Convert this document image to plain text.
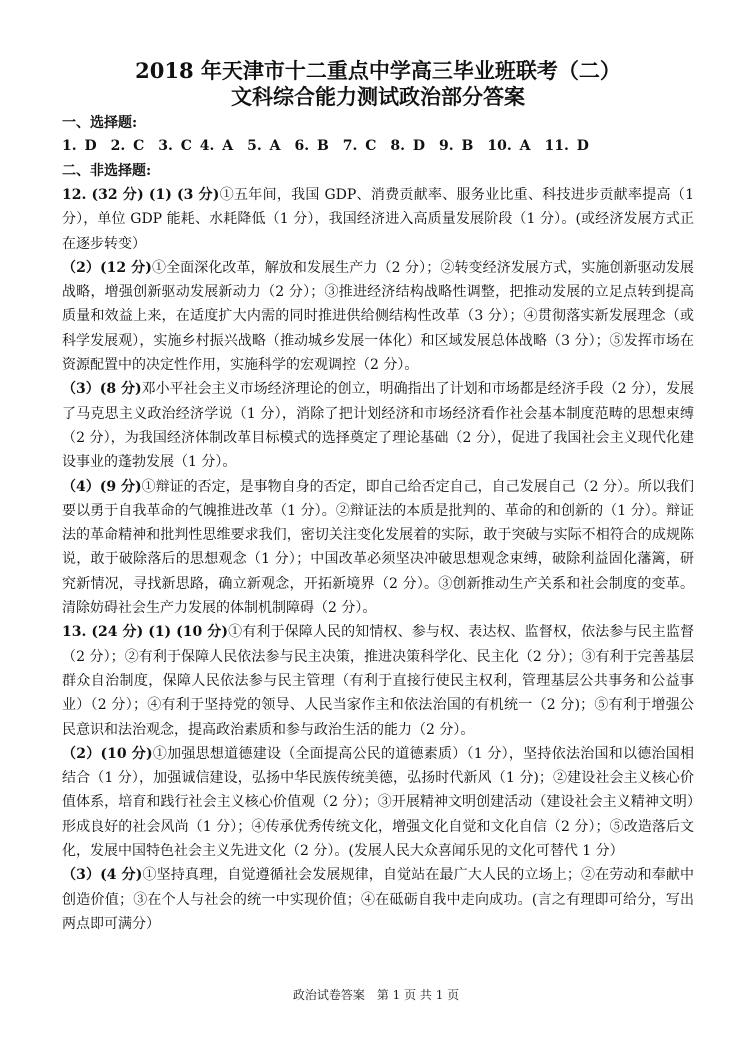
2018 年天津市十二重点中学高三毕业班联考（二）
文科综合能力测试政治部分答案
一、选择题:
1. D　2. C　3. C 4. A　5. A　6. B　7. C　8. D　9. B　10. A　11. D
二、非选择题:

12. (32 分) (1) (3 分)①五年间，我国 GDP、消费贡献率、服务业比重、科技进步贡献率提高（1 分），单位 GDP 能耗、水耗降低（1 分），我国经济进入高质量发展阶段（1 分）。(或经济发展方式正在逐步转变）

（2）(12 分)①全面深化改革，解放和发展生产力（2 分）；②转变经济发展方式，实施创新驱动发展战略，增强创新驱动发展新动力（2 分）；③推进经济结构战略性调整，把推动发展的立足点转到提高质量和效益上来，在适度扩大内需的同时推进供给侧结构性改革（3 分）；④贯彻落实新发展理念（或科学发展观），实施乡村振兴战略（推动城乡发展一体化）和区域发展总体战略（3 分）；⑤发挥市场在资源配置中的决定性作用，实施科学的宏观调控（2 分）。

（3）(8 分)邓小平社会主义市场经济理论的创立，明确指出了计划和市场都是经济手段（2 分），发展了马克思主义政治经济学说（1 分），消除了把计划经济和市场经济看作社会基本制度范畴的思想束缚（2 分），为我国经济体制改革目标模式的选择奠定了理论基础（2 分），促进了我国社会主义现代化建设事业的蓬勃发展（1 分）。

（4）(9 分)①辩证的否定，是事物自身的否定，即自己给否定自己，自己发展自己（2 分）。所以我们要以勇于自我革命的气魄推进改革（1 分）。②辩证法的本质是批判的、革命的和创新的（1 分）。辩证法的革命精神和批判性思维要求我们，密切关注变化发展着的实际，敢于突破与实际不相符合的成规陈说，敢于破除落后的思想观念（1 分）；中国改革必须坚决冲破思想观念束缚，破除利益固化藩篱，研究新情况，寻找新思路，确立新观念，开拓新境界（2 分）。③创新推动生产关系和社会制度的变革。清除妨碍社会生产力发展的体制机制障碍（2 分）。

13. (24 分) (1) (10 分)①有利于保障人民的知情权、参与权、表达权、监督权，依法参与民主监督（2 分）；②有利于保障人民依法参与民主决策，推进决策科学化、民主化（2 分）；③有利于完善基层群众自治制度，保障人民依法参与民主管理（有利于直接行使民主权利，管理基层公共事务和公益事业）（2 分）；④有利于坚持党的领导、人民当家作主和依法治国的有机统一（2 分)；⑤有利于增强公民意识和法治观念，提高政治素质和参与政治生活的能力（2 分）。

（2）(10 分)①加强思想道德建设（全面提高公民的道德素质）（1 分），坚持依法治国和以德治国相结合（1 分），加强诚信建设，弘扬中华民族传统美德，弘扬时代新风（1 分)；②建设社会主义核心价值体系，培育和践行社会主义核心价值观（2 分）；③开展精神文明创建活动（建设社会主义精神文明）形成良好的社会风尚（1 分）；④传承优秀传统文化，增强文化自觉和文化自信（2 分）；⑤改造落后文化，发展中国特色社会主义先进文化（2 分）。(发展人民大众喜闻乐见的文化可替代 1 分）

（3）(4 分)①坚持真理，自觉遵循社会发展规律，自觉站在最广大人民的立场上；②在劳动和奉献中创造价值；③在个人与社会的统一中实现价值；④在砥砺自我中走向成功。(言之有理即可给分，写出两点即可满分）

政治试卷答案　第 1 页 共 1 页
